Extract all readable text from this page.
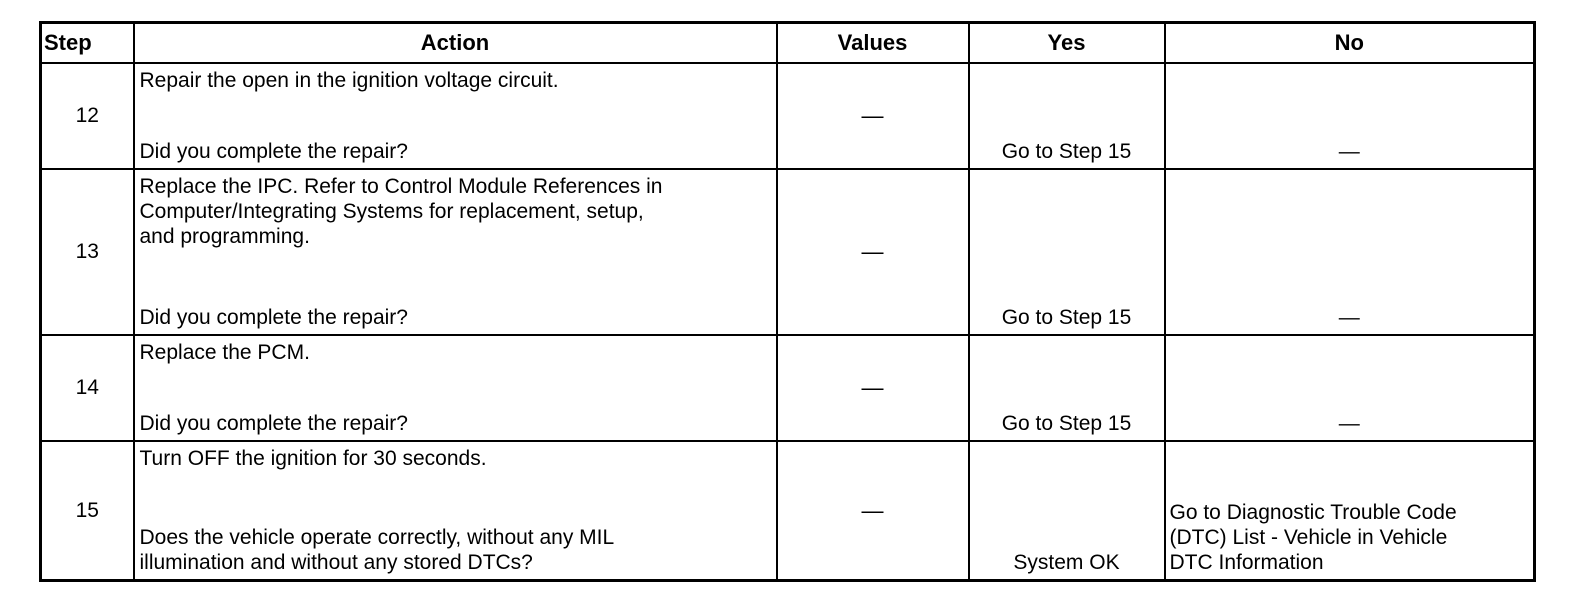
Step	Action	Values	Yes	No
12	Repair the open in the ignition voltage circuit.
Did you complete the repair?	—	Go to Step 15	—
13	Replace the IPC. Refer to Control Module References in
Computer/Integrating Systems for replacement, setup,
and programming.
Did you complete the repair?	—	Go to Step 15	—
14	Replace the PCM.
Did you complete the repair?	—	Go to Step 15	—
15	Turn OFF the ignition for 30 seconds.
Does the vehicle operate correctly, without any MIL
illumination and without any stored DTCs?	—	System OK	Go to Diagnostic Trouble Code
(DTC) List - Vehicle in Vehicle
DTC Information
